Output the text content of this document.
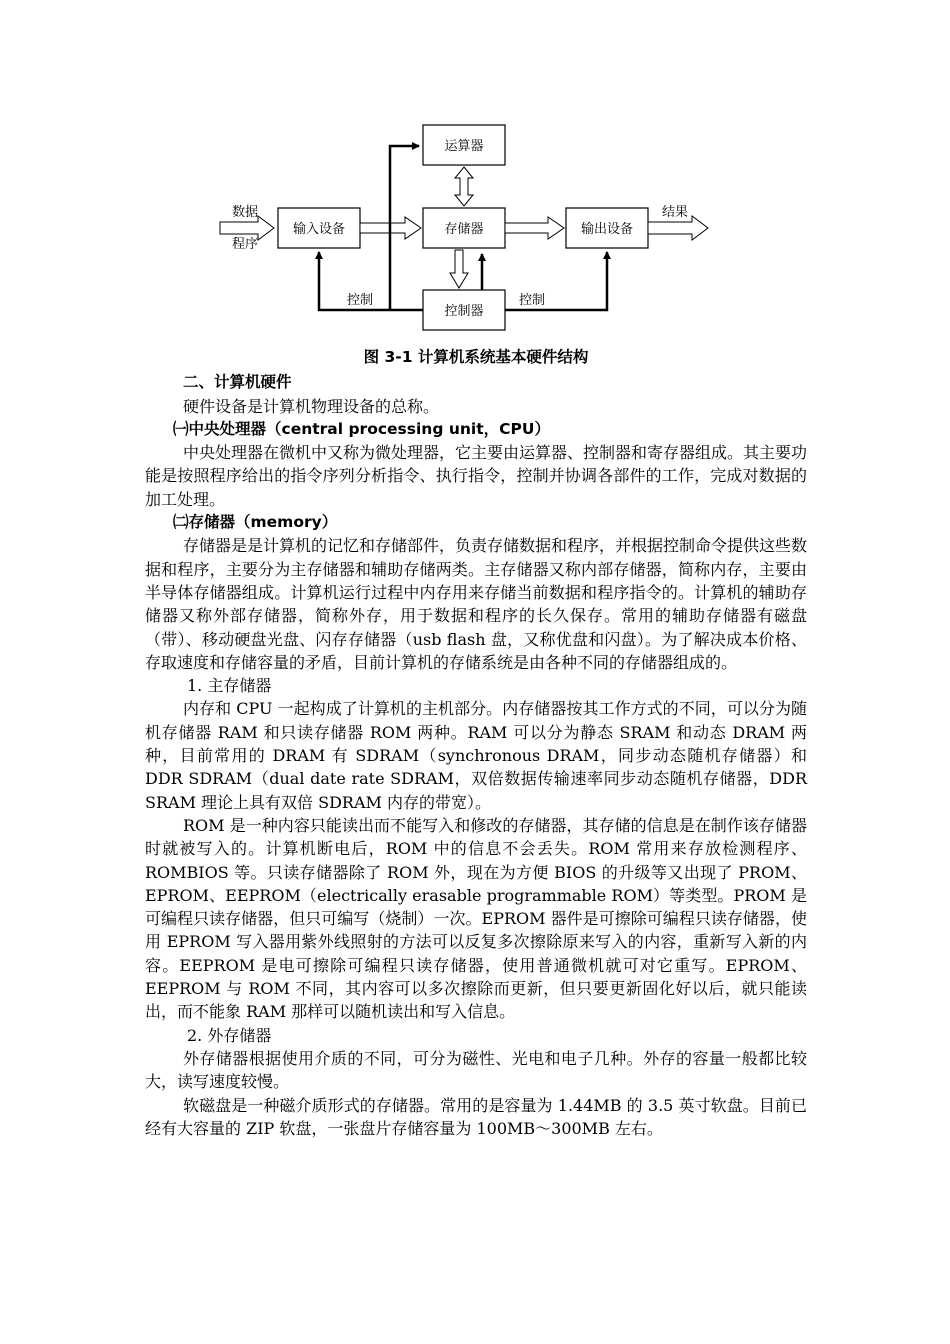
运算器
输入设备	存储器	输出设备
控制器
数据
程序
结果
控制	控制

图 3-1 计算机系统基本硬件结构

二、计算机硬件

硬件设备是计算机物理设备的总称。

㈠中央处理器（central processing unit，CPU）

中央处理器在微机中又称为微处理器，它主要由运算器、控制器和寄存器组成。其主要功能是按照程序给出的指令序列分析指令、执行指令，控制并协调各部件的工作，完成对数据的加工处理。

㈡存储器（memory）

存储器是是计算机的记忆和存储部件，负责存储数据和程序，并根据控制命令提供这些数据和程序，主要分为主存储器和辅助存储两类。主存储器又称内部存储器，简称内存，主要由半导体存储器组成。计算机运行过程中内存用来存储当前数据和程序指令的。计算机的辅助存储器又称外部存储器，简称外存，用于数据和程序的长久保存。常用的辅助存储器有磁盘（带）、移动硬盘光盘、闪存存储器（usb flash 盘，又称优盘和闪盘）。为了解决成本价格、存取速度和存储容量的矛盾，目前计算机的存储系统是由各种不同的存储器组成的。

1. 主存储器

内存和 CPU 一起构成了计算机的主机部分。内存储器按其工作方式的不同，可以分为随机存储器 RAM 和只读存储器 ROM 两种。RAM 可以分为静态 SRAM 和动态 DRAM 两种，目前常用的 DRAM 有 SDRAM（synchronous DRAM，同步动态随机存储器）和 DDR SDRAM（dual date rate SDRAM，双倍数据传输速率同步动态随机存储器，DDR SRAM 理论上具有双倍 SDRAM 内存的带宽）。

ROM 是一种内容只能读出而不能写入和修改的存储器，其存储的信息是在制作该存储器时就被写入的。计算机断电后，ROM 中的信息不会丢失。ROM 常用来存放检测程序、ROMBIOS 等。只读存储器除了 ROM 外，现在为方便 BIOS 的升级等又出现了 PROM、EPROM、EEPROM（electrically erasable programmable ROM）等类型。PROM 是可编程只读存储器，但只可编写（烧制）一次。EPROM 器件是可擦除可编程只读存储器，使用 EPROM 写入器用紫外线照射的方法可以反复多次擦除原来写入的内容，重新写入新的内容。EEPROM 是电可擦除可编程只读存储器，使用普通微机就可对它重写。EPROM、EEPROM 与 ROM 不同，其内容可以多次擦除而更新，但只要更新固化好以后，就只能读出，而不能象 RAM 那样可以随机读出和写入信息。

2. 外存储器

外存储器根据使用介质的不同，可分为磁性、光电和电子几种。外存的容量一般都比较大，读写速度较慢。

软磁盘是一种磁介质形式的存储器。常用的是容量为 1.44MB 的 3.5 英寸软盘。目前已经有大容量的 ZIP 软盘，一张盘片存储容量为 100MB～300MB 左右。
